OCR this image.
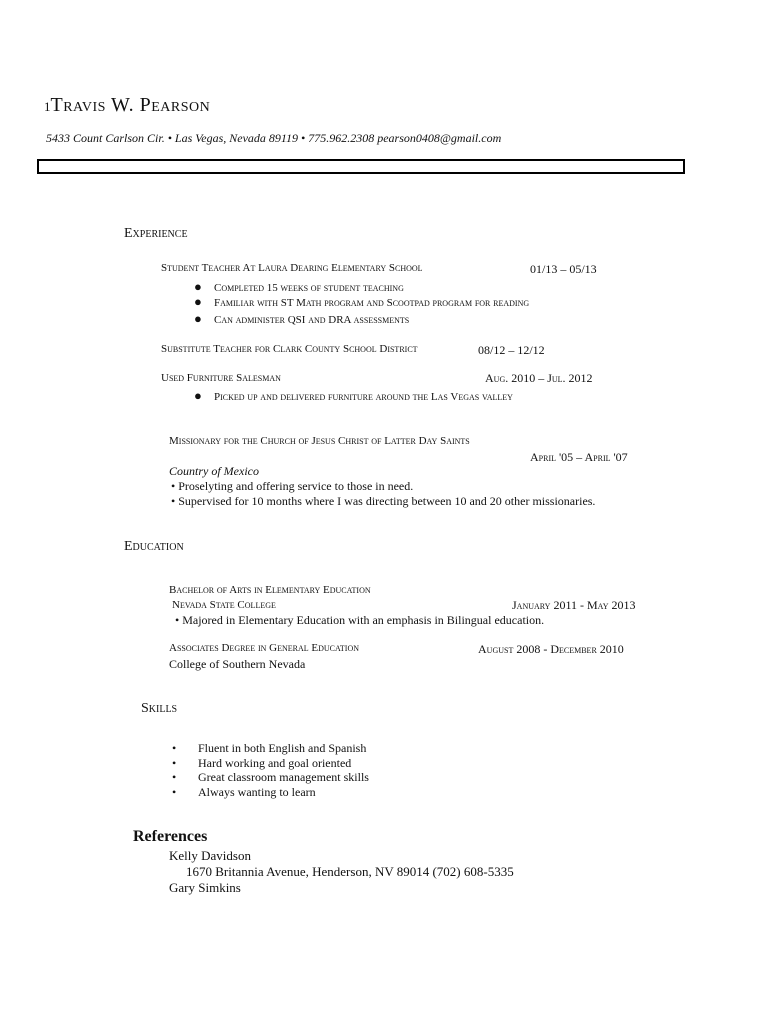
1Travis W. Pearson
5433 Count Carlson Cir. • Las Vegas, Nevada 89119 • 775.962.2308 pearson0408@gmail.com
Experience
Student Teacher At Laura Dearing Elementary School	01/13 – 05/13
● Completed 15 weeks of student teaching
● Familiar with ST Math program and Scootpad program for reading
● Can administer QSI and DRA assessments
Substitute Teacher for Clark County School District	08/12 – 12/12
Used Furniture Salesman	Aug. 2010 – Jul. 2012
● Picked up and delivered furniture around the Las Vegas valley
Missionary for the Church of Jesus Christ of Latter Day Saints
April '05 – April '07
Country of Mexico
• Proselyting and offering service to those in need.
• Supervised for 10 months where I was directing between 10 and 20 other missionaries.
Education
Bachelor of Arts in Elementary Education
Nevada State College	January 2011 - May 2013
• Majored in Elementary Education with an emphasis in Bilingual education.
Associates Degree in General Education	August 2008 - December 2010
College of Southern Nevada
Skills
• Fluent in both English and Spanish
• Hard working and goal oriented
• Great classroom management skills
• Always wanting to learn
References
Kelly Davidson
1670 Britannia Avenue, Henderson, NV 89014 (702) 608-5335
Gary Simkins
